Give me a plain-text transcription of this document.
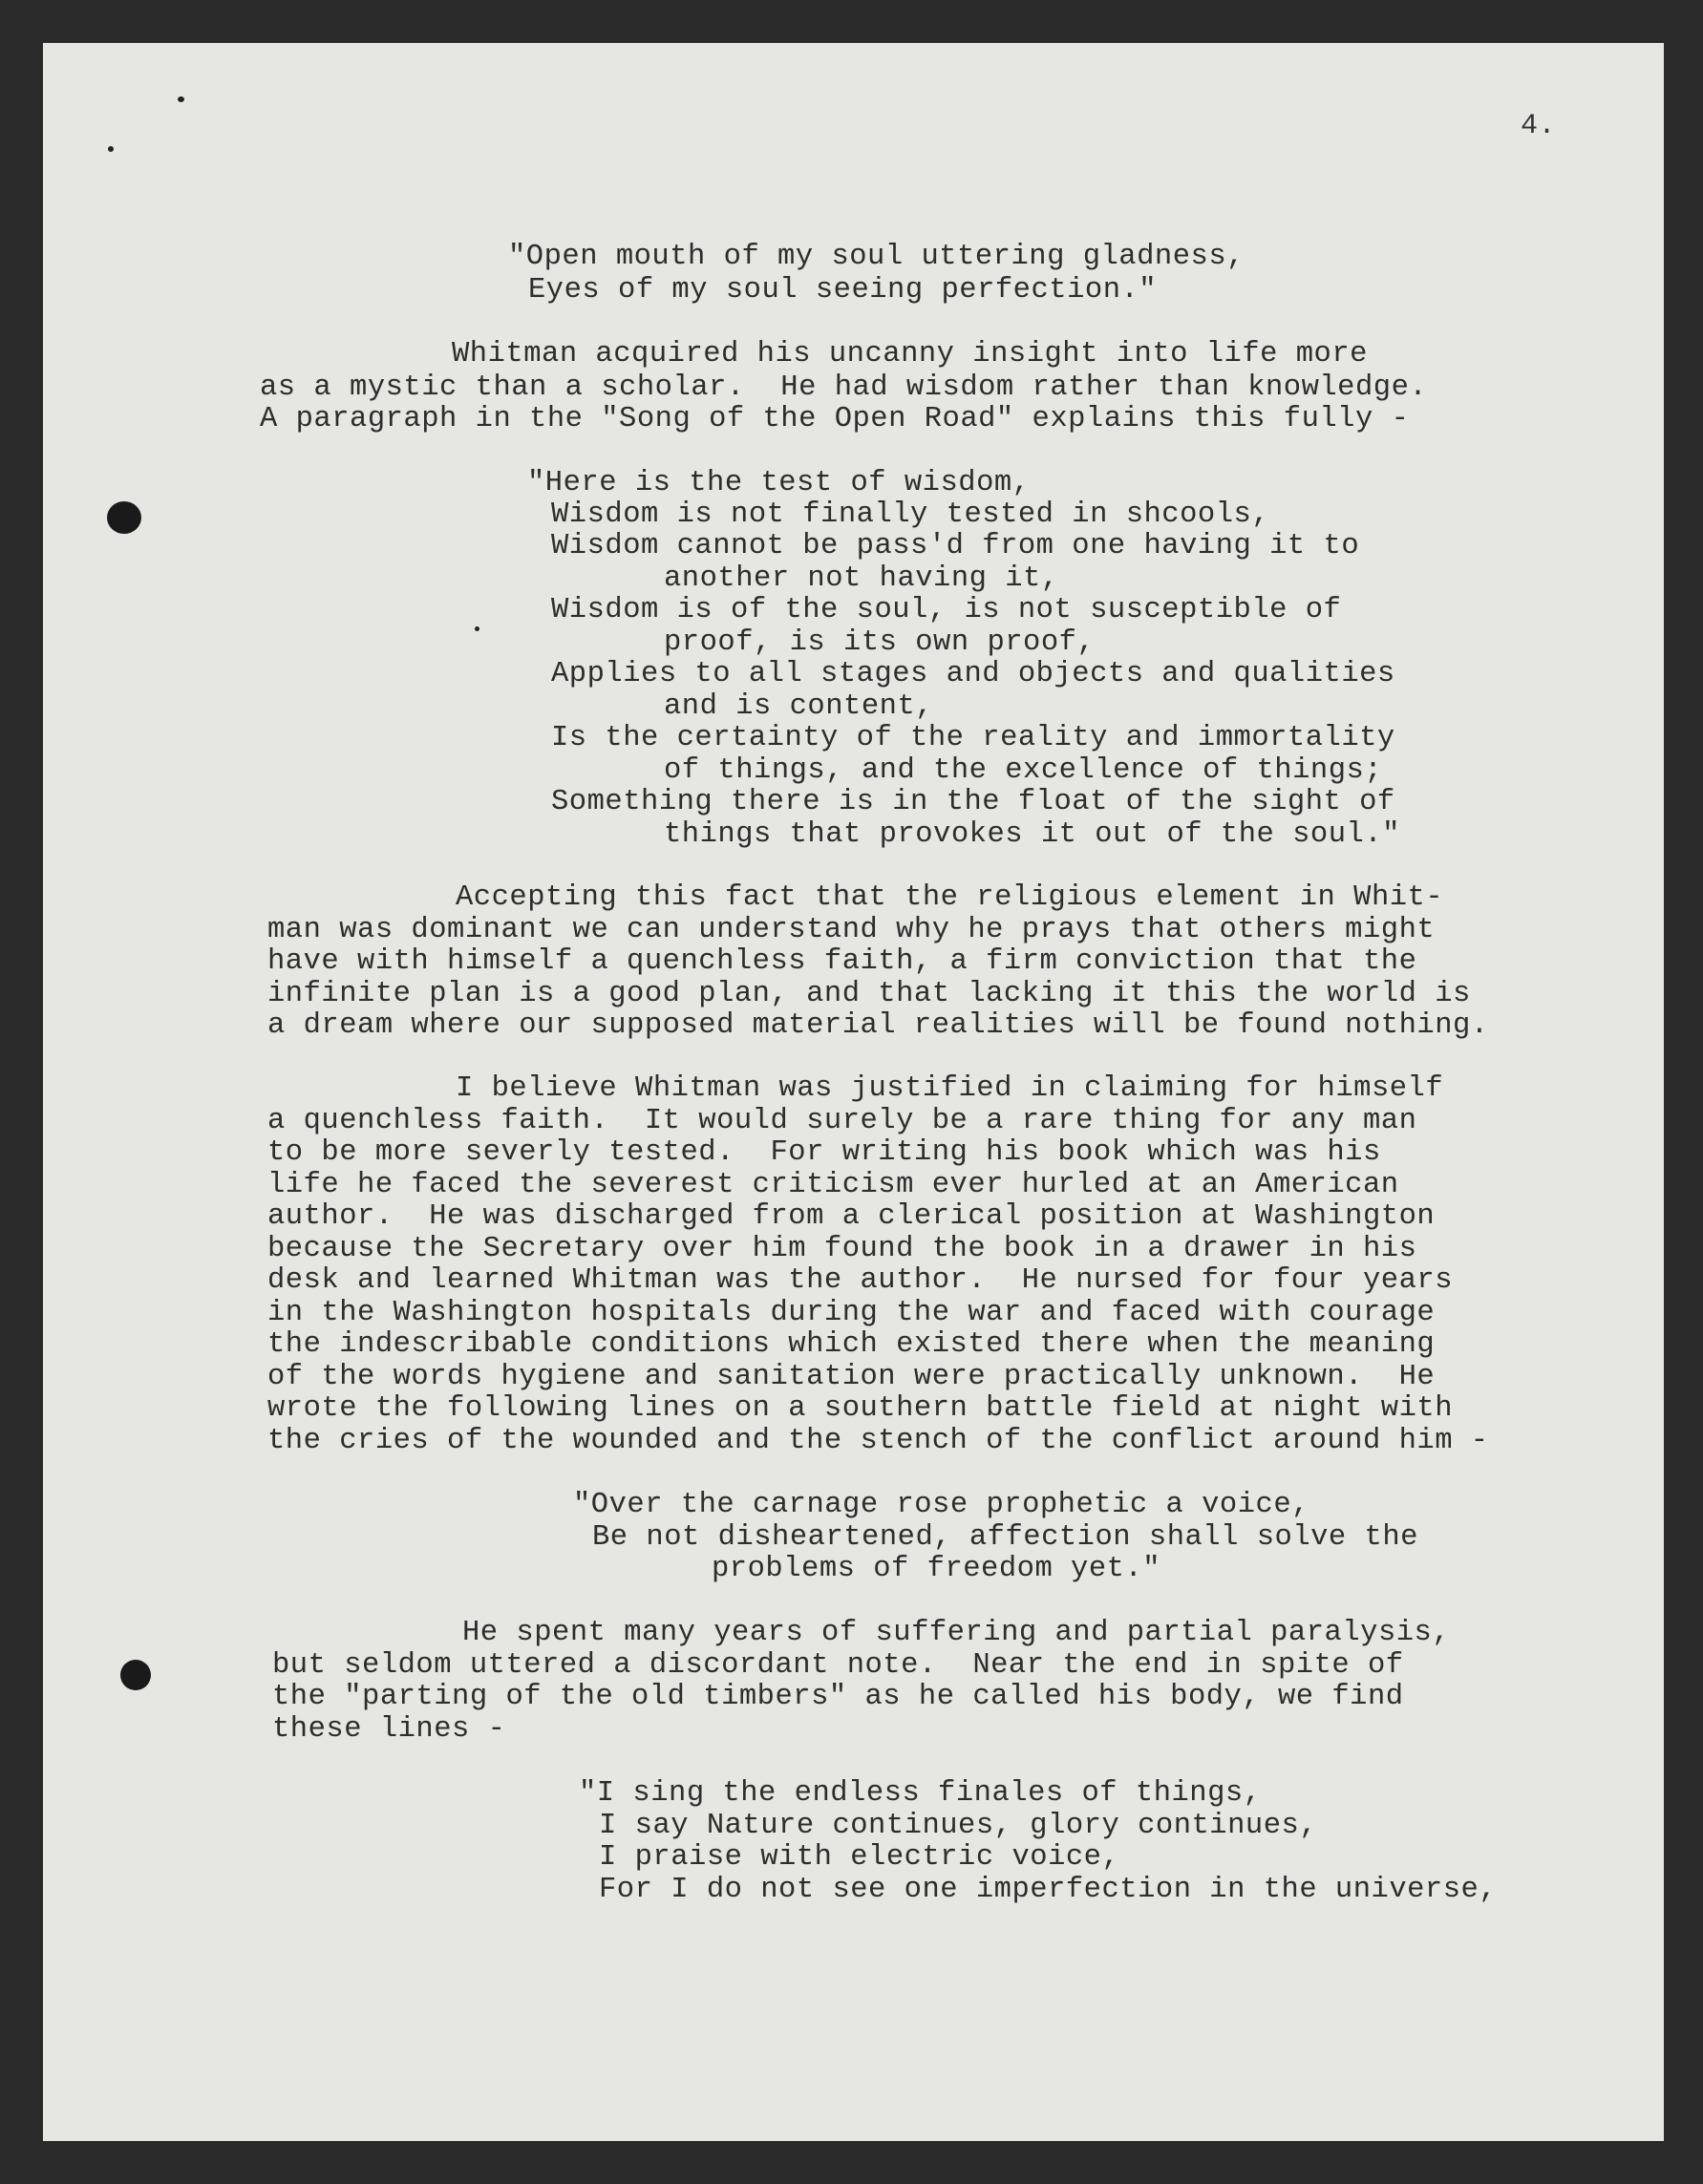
4.

"Open mouth of my soul uttering gladness,

Eyes of my soul seeing perfection."

Whitman acquired his uncanny insight into life more

as a mystic than a scholar.  He had wisdom rather than knowledge.

A paragraph in the "Song of the Open Road" explains this fully -

"Here is the test of wisdom,

Wisdom is not finally tested in shcools,

Wisdom cannot be pass'd from one having it to

another not having it,

Wisdom is of the soul, is not susceptible of

proof, is its own proof,

Applies to all stages and objects and qualities

and is content,

Is the certainty of the reality and immortality

of things, and the excellence of things;

Something there is in the float of the sight of

things that provokes it out of the soul."

Accepting this fact that the religious element in Whit-

man was dominant we can understand why he prays that others might

have with himself a quenchless faith, a firm conviction that the

infinite plan is a good plan, and that lacking it this the world is

a dream where our supposed material realities will be found nothing.

I believe Whitman was justified in claiming for himself

a quenchless faith.  It would surely be a rare thing for any man

to be more severly tested.  For writing his book which was his

life he faced the severest criticism ever hurled at an American

author.  He was discharged from a clerical position at Washington

because the Secretary over him found the book in a drawer in his

desk and learned Whitman was the author.  He nursed for four years

in the Washington hospitals during the war and faced with courage

the indescribable conditions which existed there when the meaning

of the words hygiene and sanitation were practically unknown.  He

wrote the following lines on a southern battle field at night with

the cries of the wounded and the stench of the conflict around him -

"Over the carnage rose prophetic a voice,

Be not disheartened, affection shall solve the

problems of freedom yet."

He spent many years of suffering and partial paralysis,

but seldom uttered a discordant note.  Near the end in spite of

the "parting of the old timbers" as he called his body, we find

these lines -

"I sing the endless finales of things,

I say Nature continues, glory continues,

I praise with electric voice,

For I do not see one imperfection in the universe,
